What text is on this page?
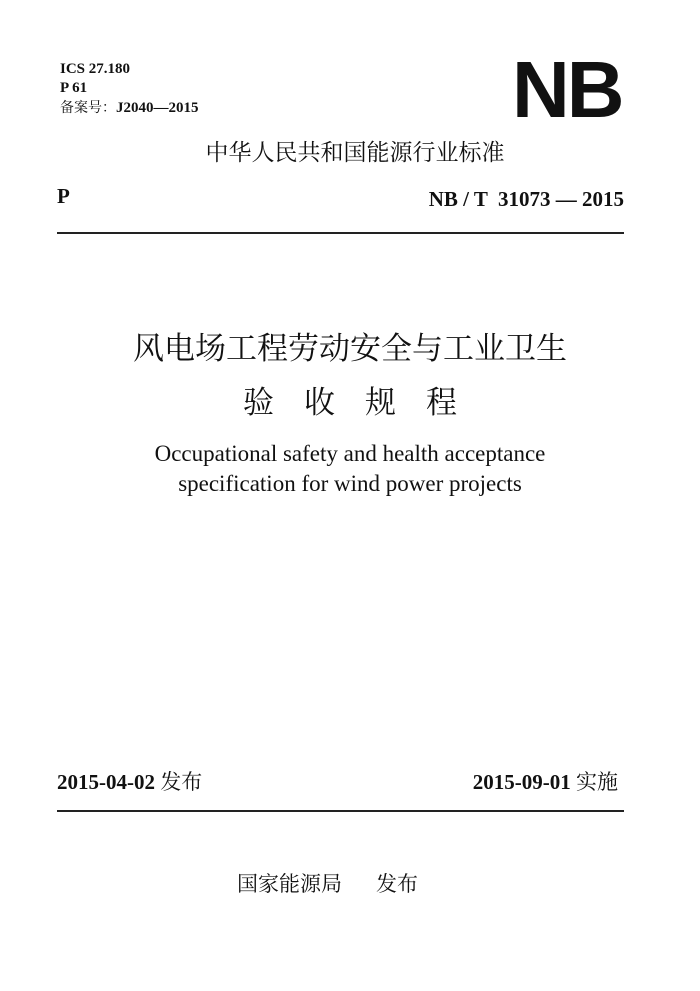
ICS 27.180
P 61
备案号：J2040—2015	NB
中华人民共和国能源行业标准
P	NB / T  31073 — 2015
风电场工程劳动安全与工业卫生
验收规程
Occupational safety and health acceptance
specification for wind power projects
2015-04-02 发布	2015-09-01 实施
国家能源局 发布
